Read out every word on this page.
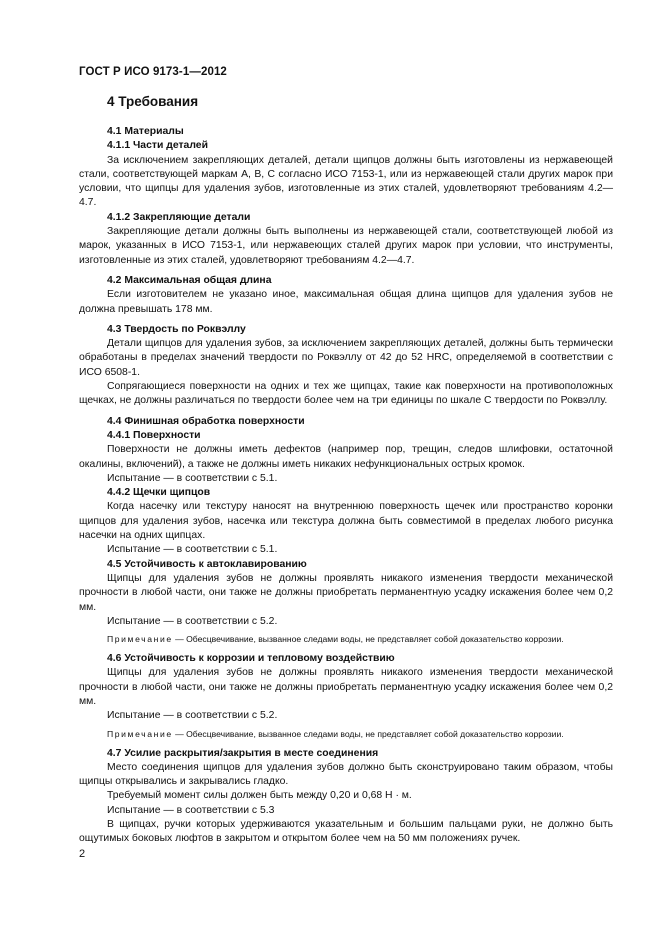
ГОСТ Р ИСО 9173-1—2012
4 Требования

4.1 Материалы

4.1.1 Части деталей

За исключением закрепляющих деталей, детали щипцов должны быть изготовлены из нержавеющей стали, соответствующей маркам А, В, С согласно ИСО 7153-1, или из нержавеющей стали других марок при условии, что щипцы для удаления зубов, изготовленные из этих сталей, удовлетворяют требованиям 4.2—4.7.

4.1.2 Закрепляющие детали

Закрепляющие детали должны быть выполнены из нержавеющей стали, соответствующей любой из марок, указанных в ИСО 7153-1, или нержавеющих сталей других марок при условии, что инструменты, изготовленные из этих сталей, удовлетворяют требованиям 4.2—4.7.

4.2 Максимальная общая длина

Если изготовителем не указано иное, максимальная общая длина щипцов для удаления зубов не должна превышать 178 мм.

4.3 Твердость по Роквэллу

Детали щипцов для удаления зубов, за исключением закрепляющих деталей, должны быть термически обработаны в пределах значений твердости по Роквэллу от 42 до 52 HRC, определяемой в соответствии с ИСО 6508-1.

Сопрягающиеся поверхности на одних и тех же щипцах, такие как поверхности на противоположных щечках, не должны различаться по твердости более чем на три единицы по шкале С твердости по Роквэллу.

4.4 Финишная обработка поверхности

4.4.1 Поверхности

Поверхности не должны иметь дефектов (например пор, трещин, следов шлифовки, остаточной окалины, включений), а также не должны иметь никаких нефункциональных острых кромок.

Испытание — в соответствии с 5.1.

4.4.2 Щечки щипцов

Когда насечку или текстуру наносят на внутреннюю поверхность щечек или пространство коронки щипцов для удаления зубов, насечка или текстура должна быть совместимой в пределах любого рисунка насечки на одних щипцах.

Испытание — в соответствии с 5.1.

4.5 Устойчивость к автоклавированию

Щипцы для удаления зубов не должны проявлять никакого изменения твердости механической прочности в любой части, они также не должны приобретать перманентную усадку искажения более чем 0,2 мм.

Испытание — в соответствии с 5.2.

Примечание — Обесцвечивание, вызванное следами воды, не представляет собой доказательство коррозии.

4.6 Устойчивость к коррозии и тепловому воздействию

Щипцы для удаления зубов не должны проявлять никакого изменения твердости механической прочности в любой части, они также не должны приобретать перманентную усадку искажения более чем 0,2 мм.

Испытание — в соответствии с 5.2.

Примечание — Обесцвечивание, вызванное следами воды, не представляет собой доказательство коррозии.

4.7 Усилие раскрытия/закрытия в месте соединения

Место соединения щипцов для удаления зубов должно быть сконструировано таким образом, чтобы щипцы открывались и закрывались гладко.

Требуемый момент силы должен быть между 0,20 и 0,68 Н · м.

Испытание — в соответствии с 5.3

В щипцах, ручки которых удерживаются указательным и большим пальцами руки, не должно быть ощутимых боковых люфтов в закрытом и открытом более чем на 50 мм положениях ручек.

2
